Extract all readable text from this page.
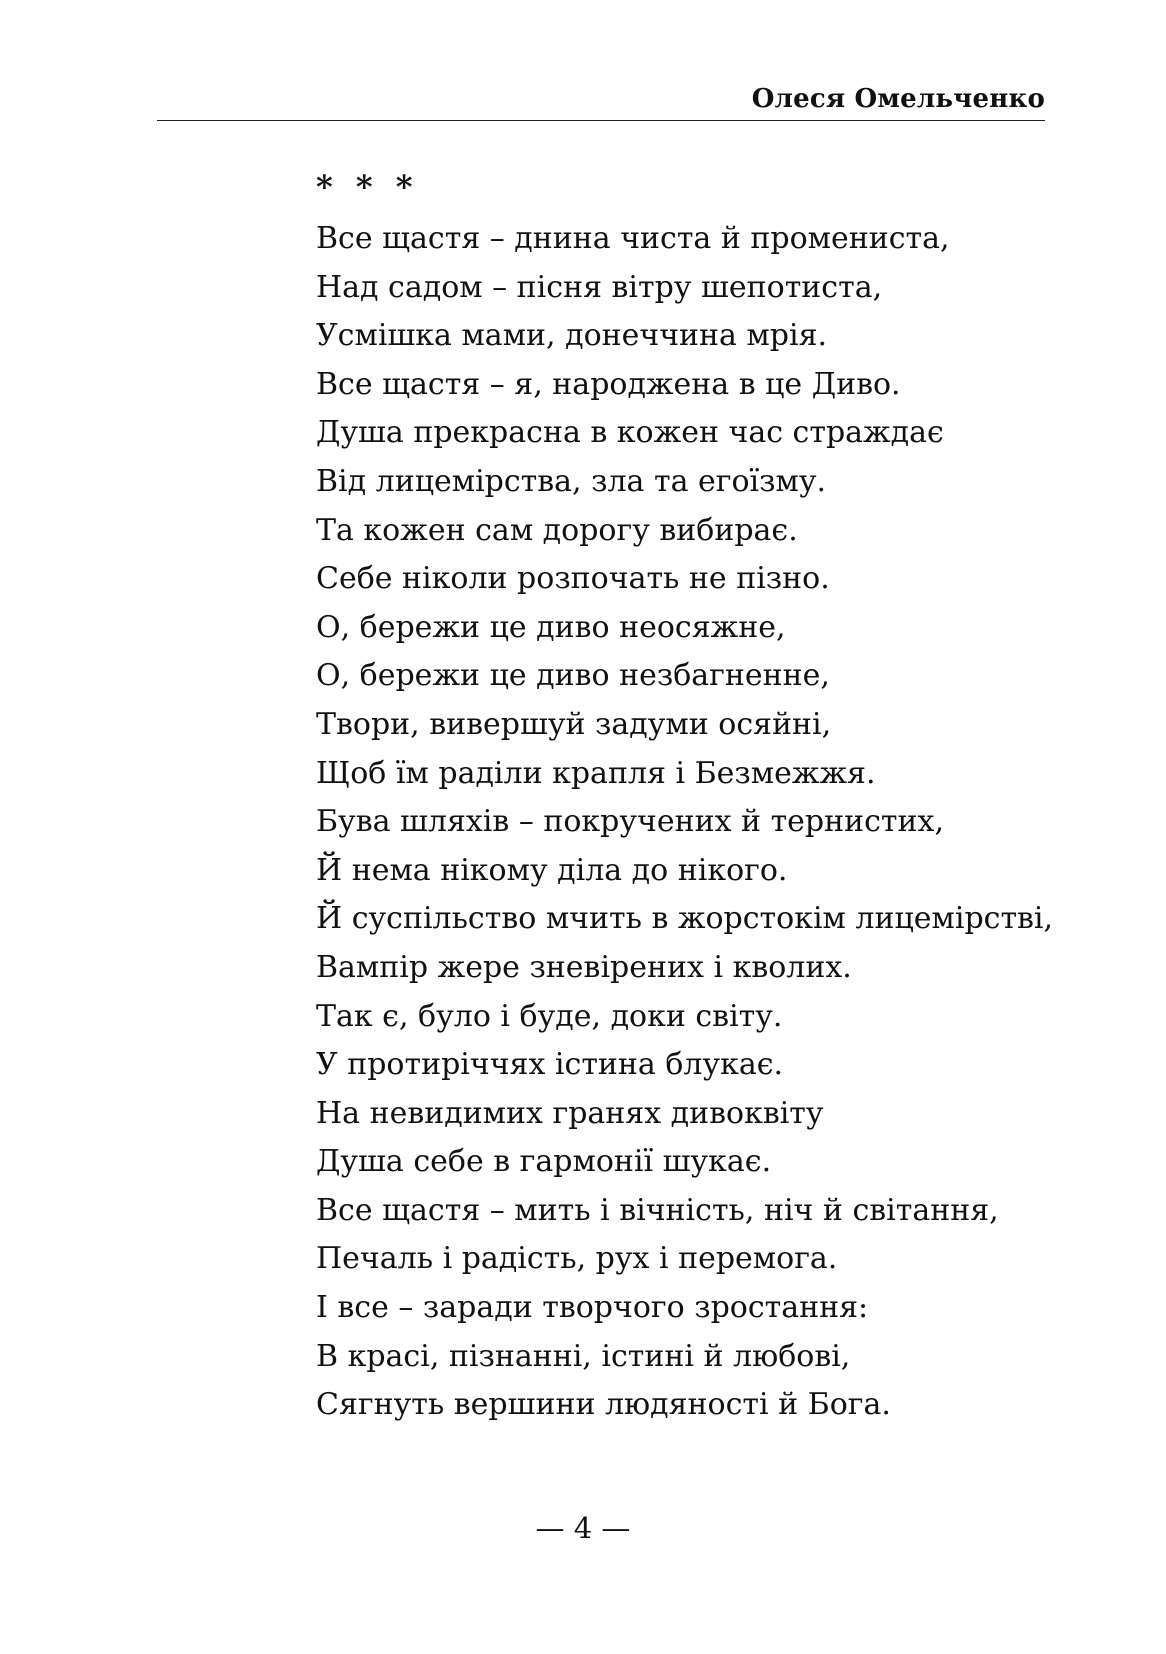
Олеся Омельченко
* * *
Все щастя – днина чиста й промениста,
Над садом – пісня вітру шепотиста,
Усмішка мами, донеччина мрія.
Все щастя – я, народжена в це Диво.
Душа прекрасна в кожен час страждає
Від лицемірства, зла та егоїзму.
Та кожен сам дорогу вибирає.
Себе ніколи розпочать не пізно.
О, бережи це диво неосяжне,
О, бережи це диво незбагненне,
Твори, вивершуй задуми осяйні,
Щоб їм раділи крапля і Безмежжя.
Бува шляхів – покручених й тернистих,
Й нема нікому діла до нікого.
Й суспільство мчить в жорстокім лицемірстві,
Вампір жере зневірених і кволих.
Так є, було і буде, доки світу.
У протиріччях істина блукає.
На невидимих гранях дивоквіту
Душа себе в гармонії шукає.
Все щастя – мить і вічність, ніч й світання,
Печаль і радість, рух і перемога.
І все – заради творчого зростання:
В красі, пізнанні, істині й любові,
Сягнуть вершини людяності й Бога.
— 4 —
